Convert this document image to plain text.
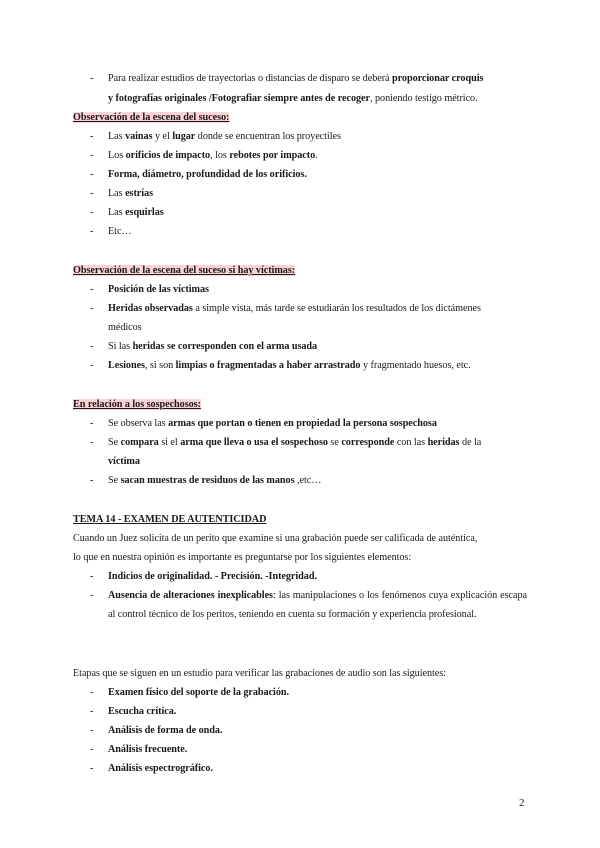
- Para realizar estudios de trayectorias o distancias de disparo se deberá proporcionar croquis
y fotografías originales /Fotografiar siempre antes de recoger, poniendo testigo métrico.
Observación de la escena del suceso:
- Las vainas y el lugar donde se encuentran los proyectiles
- Los orificios de impacto, los rebotes por impacto.
- Forma, diámetro, profundidad de los orificios.
- Las estrías
- Las esquirlas
- Etc…
Observación de la escena del suceso si hay víctimas:
- Posición de las víctimas
- Heridas observadas a simple vista, más tarde se estudiarán los resultados de los dictámenes
médicos
- Si las heridas se corresponden con el arma usada
- Lesiones, si son limpias o fragmentadas a haber arrastrado y fragmentado huesos, etc.
En relación a los sospechosos:
- Se observa las armas que portan o tienen en propiedad la persona sospechosa
- Se compara si el arma que lleva o usa el sospechoso se corresponde con las heridas de la
víctima
- Se sacan muestras de residuos de las manos ,etc…
TEMA 14 - EXAMEN DE AUTENTICIDAD
Cuando un Juez solicita de un perito que examine si una grabación puede ser calificada de auténtica,
lo que en nuestra opinión es importante es preguntarse por los siguientes elementos:
- Indicios de originalidad. - Precisión. -Integridad.
- Ausencia de alteraciones inexplicables: las manipulaciones o los fenómenos cuya explicación escapa al control técnico de los peritos, teniendo en cuenta su formación y experiencia profesional.
Etapas que se siguen en un estudio para verificar las grabaciones de audio son las siguientes:
- Examen físico del soporte de la grabación.
- Escucha crítica.
- Análisis de forma de onda.
- Análisis frecuente.
- Análisis espectrográfico.
2
